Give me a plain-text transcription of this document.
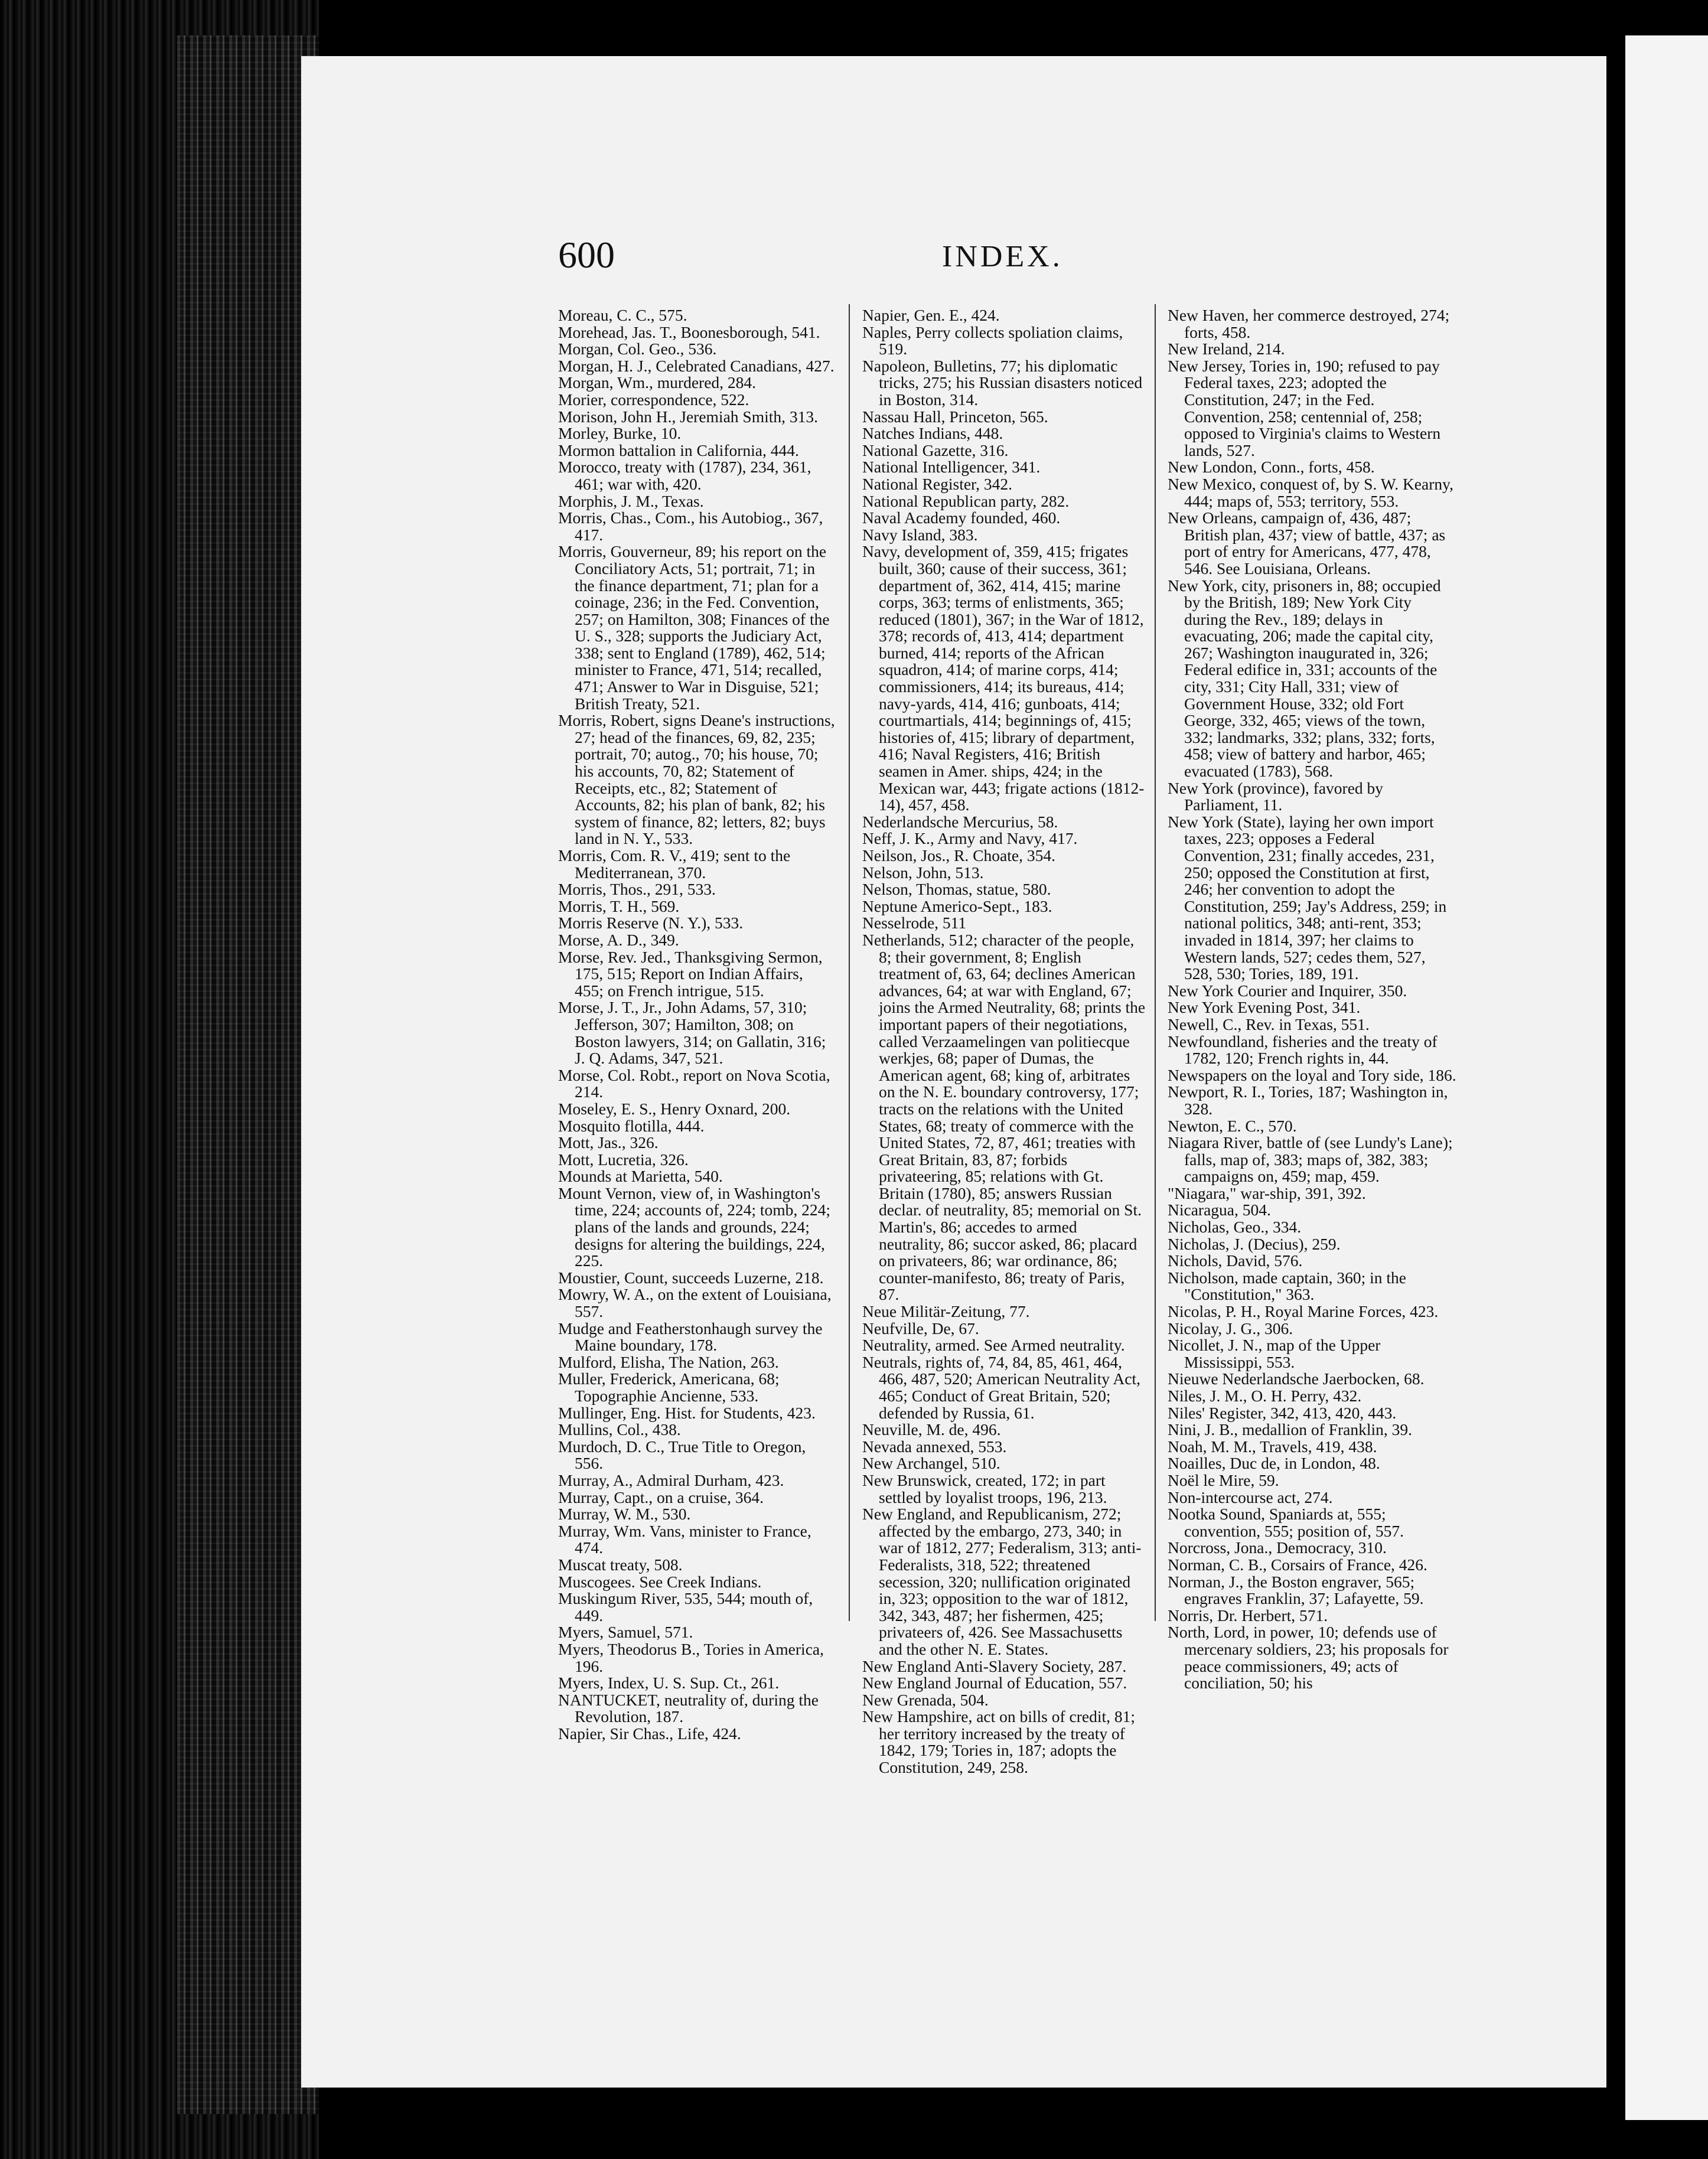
600	INDEX.

Moreau, C. C., 575.

Morehead, Jas. T., Boonesborough, 541.

Morgan, Col. Geo., 536.

Morgan, H. J., Celebrated Canadians, 427.

Morgan, Wm., murdered, 284.

Morier, correspondence, 522.

Morison, John H., Jeremiah Smith, 313.

Morley, Burke, 10.

Mormon battalion in California, 444.

Morocco, treaty with (1787), 234, 361, 461; war with, 420.

Morphis, J. M., Texas.

Morris, Chas., Com., his Autobiog., 367, 417.

Morris, Gouverneur, 89; his report on the Conciliatory Acts, 51; portrait, 71; in the finance department, 71; plan for a coinage, 236; in the Fed. Convention, 257; on Hamilton, 308; Finances of the U. S., 328; supports the Judiciary Act, 338; sent to England (1789), 462, 514; minister to France, 471, 514; recalled, 471; Answer to War in Disguise, 521; British Treaty, 521.

Morris, Robert, signs Deane's instructions, 27; head of the finances, 69, 82, 235; portrait, 70; autog., 70; his house, 70; his accounts, 70, 82; Statement of Receipts, etc., 82; Statement of Accounts, 82; his plan of bank, 82; his system of finance, 82; letters, 82; buys land in N. Y., 533.

Morris, Com. R. V., 419; sent to the Mediterranean, 370.

Morris, Thos., 291, 533.

Morris, T. H., 569.

Morris Reserve (N. Y.), 533.

Morse, A. D., 349.

Morse, Rev. Jed., Thanksgiving Sermon, 175, 515; Report on Indian Affairs, 455; on French intrigue, 515.

Morse, J. T., Jr., John Adams, 57, 310; Jefferson, 307; Hamilton, 308; on Boston lawyers, 314; on Gallatin, 316; J. Q. Adams, 347, 521.

Morse, Col. Robt., report on Nova Scotia, 214.

Moseley, E. S., Henry Oxnard, 200.

Mosquito flotilla, 444.

Mott, Jas., 326.

Mott, Lucretia, 326.

Mounds at Marietta, 540.

Mount Vernon, view of, in Washington's time, 224; accounts of, 224; tomb, 224; plans of the lands and grounds, 224; designs for altering the buildings, 224, 225.

Moustier, Count, succeeds Luzerne, 218.

Mowry, W. A., on the extent of Louisiana, 557.

Mudge and Featherstonhaugh survey the Maine boundary, 178.

Mulford, Elisha, The Nation, 263.

Muller, Frederick, Americana, 68; Topographie Ancienne, 533.

Mullinger, Eng. Hist. for Students, 423.

Mullins, Col., 438.

Murdoch, D. C., True Title to Oregon, 556.

Murray, A., Admiral Durham, 423.

Murray, Capt., on a cruise, 364.

Murray, W. M., 530.

Murray, Wm. Vans, minister to France, 474.

Muscat treaty, 508.

Muscogees. See Creek Indians.

Muskingum River, 535, 544; mouth of, 449.

Myers, Samuel, 571.

Myers, Theodorus B., Tories in America, 196.

Myers, Index, U. S. Sup. Ct., 261.

NANTUCKET, neutrality of, during the Revolution, 187.

Napier, Sir Chas., Life, 424.

Napier, Gen. E., 424.

Naples, Perry collects spoliation claims, 519.

Napoleon, Bulletins, 77; his diplomatic tricks, 275; his Russian disasters noticed in Boston, 314.

Nassau Hall, Princeton, 565.

Natches Indians, 448.

National Gazette, 316.

National Intelligencer, 341.

National Register, 342.

National Republican party, 282.

Naval Academy founded, 460.

Navy Island, 383.

Navy, development of, 359, 415; frigates built, 360; cause of their success, 361; department of, 362, 414, 415; marine corps, 363; terms of enlistments, 365; reduced (1801), 367; in the War of 1812, 378; records of, 413, 414; department burned, 414; reports of the African squadron, 414; of marine corps, 414; commissioners, 414; its bureaus, 414; navy-yards, 414, 416; gunboats, 414; courtmartials, 414; beginnings of, 415; histories of, 415; library of department, 416; Naval Registers, 416; British seamen in Amer. ships, 424; in the Mexican war, 443; frigate actions (1812-14), 457, 458.

Nederlandsche Mercurius, 58.

Neff, J. K., Army and Navy, 417.

Neilson, Jos., R. Choate, 354.

Nelson, John, 513.

Nelson, Thomas, statue, 580.

Neptune Americo-Sept., 183.

Nesselrode, 511

Netherlands, 512; character of the people, 8; their government, 8; English treatment of, 63, 64; declines American advances, 64; at war with England, 67; joins the Armed Neutrality, 68; prints the important papers of their negotiations, called Verzaamelingen van politiecque werkjes, 68; paper of Dumas, the American agent, 68; king of, arbitrates on the N. E. boundary controversy, 177; tracts on the relations with the United States, 68; treaty of commerce with the United States, 72, 87, 461; treaties with Great Britain, 83, 87; forbids privateering, 85; relations with Gt. Britain (1780), 85; answers Russian declar. of neutrality, 85; memorial on St. Martin's, 86; accedes to armed neutrality, 86; succor asked, 86; placard on privateers, 86; war ordinance, 86; counter-manifesto, 86; treaty of Paris, 87.

Neue Militär-Zeitung, 77.

Neufville, De, 67.

Neutrality, armed. See Armed neutrality.

Neutrals, rights of, 74, 84, 85, 461, 464, 466, 487, 520; American Neutrality Act, 465; Conduct of Great Britain, 520; defended by Russia, 61.

Neuville, M. de, 496.

Nevada annexed, 553.

New Archangel, 510.

New Brunswick, created, 172; in part settled by loyalist troops, 196, 213.

New England, and Republicanism, 272; affected by the embargo, 273, 340; in war of 1812, 277; Federalism, 313; anti-Federalists, 318, 522; threatened secession, 320; nullification originated in, 323; opposition to the war of 1812, 342, 343, 487; her fishermen, 425; privateers of, 426. See Massachusetts and the other N. E. States.

New England Anti-Slavery Society, 287.

New England Journal of Education, 557.

New Grenada, 504.

New Hampshire, act on bills of credit, 81; her territory increased by the treaty of 1842, 179; Tories in, 187; adopts the Constitution, 249, 258.

New Haven, her commerce destroyed, 274; forts, 458.

New Ireland, 214.

New Jersey, Tories in, 190; refused to pay Federal taxes, 223; adopted the Constitution, 247; in the Fed. Convention, 258; centennial of, 258; opposed to Virginia's claims to Western lands, 527.

New London, Conn., forts, 458.

New Mexico, conquest of, by S. W. Kearny, 444; maps of, 553; territory, 553.

New Orleans, campaign of, 436, 487; British plan, 437; view of battle, 437; as port of entry for Americans, 477, 478, 546. See Louisiana, Orleans.

New York, city, prisoners in, 88; occupied by the British, 189; New York City during the Rev., 189; delays in evacuating, 206; made the capital city, 267; Washington inaugurated in, 326; Federal edifice in, 331; accounts of the city, 331; City Hall, 331; view of Government House, 332; old Fort George, 332, 465; views of the town, 332; landmarks, 332; plans, 332; forts, 458; view of battery and harbor, 465; evacuated (1783), 568.

New York (province), favored by Parliament, 11.

New York (State), laying her own import taxes, 223; opposes a Federal Convention, 231; finally accedes, 231, 250; opposed the Constitution at first, 246; her convention to adopt the Constitution, 259; Jay's Address, 259; in national politics, 348; anti-rent, 353; invaded in 1814, 397; her claims to Western lands, 527; cedes them, 527, 528, 530; Tories, 189, 191.

New York Courier and Inquirer, 350.

New York Evening Post, 341.

Newell, C., Rev. in Texas, 551.

Newfoundland, fisheries and the treaty of 1782, 120; French rights in, 44.

Newspapers on the loyal and Tory side, 186.

Newport, R. I., Tories, 187; Washington in, 328.

Newton, E. C., 570.

Niagara River, battle of (see Lundy's Lane); falls, map of, 383; maps of, 382, 383; campaigns on, 459; map, 459.

"Niagara," war-ship, 391, 392.

Nicaragua, 504.

Nicholas, Geo., 334.

Nicholas, J. (Decius), 259.

Nichols, David, 576.

Nicholson, made captain, 360; in the "Constitution," 363.

Nicolas, P. H., Royal Marine Forces, 423.

Nicolay, J. G., 306.

Nicollet, J. N., map of the Upper Mississippi, 553.

Nieuwe Nederlandsche Jaerbocken, 68.

Niles, J. M., O. H. Perry, 432.

Niles' Register, 342, 413, 420, 443.

Nini, J. B., medallion of Franklin, 39.

Noah, M. M., Travels, 419, 438.

Noailles, Duc de, in London, 48.

Noël le Mire, 59.

Non-intercourse act, 274.

Nootka Sound, Spaniards at, 555; convention, 555; position of, 557.

Norcross, Jona., Democracy, 310.

Norman, C. B., Corsairs of France, 426.

Norman, J., the Boston engraver, 565; engraves Franklin, 37; Lafayette, 59.

Norris, Dr. Herbert, 571.

North, Lord, in power, 10; defends use of mercenary soldiers, 23; his proposals for peace commissioners, 49; acts of conciliation, 50; his
